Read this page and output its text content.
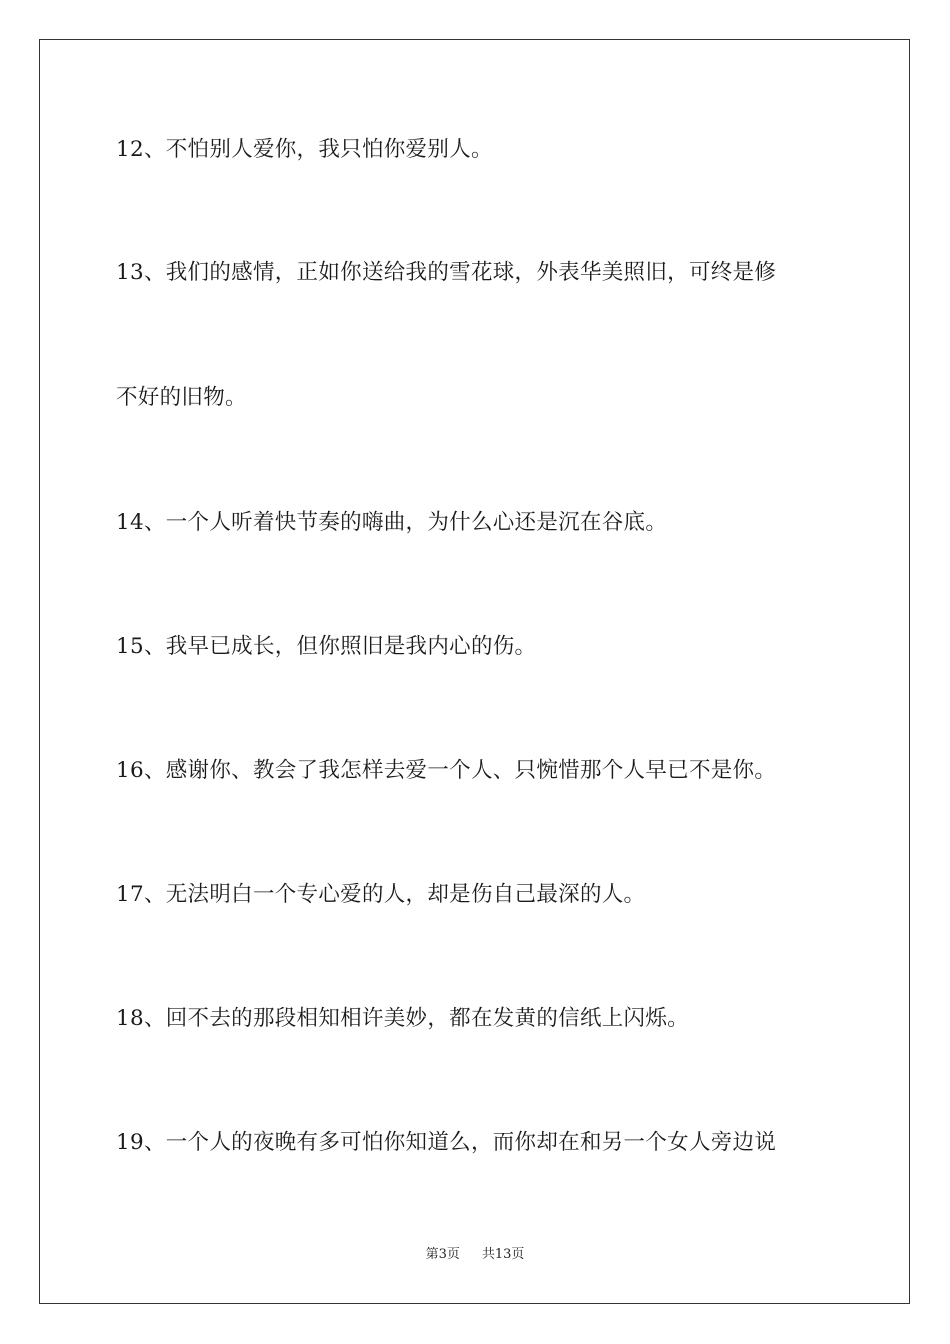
12、不怕别人爱你，我只怕你爱别人。
13、我们的感情，正如你送给我的雪花球，外表华美照旧，可终是修
不好的旧物。
14、一个人听着快节奏的嗨曲，为什么心还是沉在谷底。
15、我早已成长，但你照旧是我内心的伤。
16、感谢你、教会了我怎样去爱一个人、只惋惜那个人早已不是你。
17、无法明白一个专心爱的人，却是伤自己最深的人。
18、回不去的那段相知相许美妙，都在发黄的信纸上闪烁。
19、一个人的夜晚有多可怕你知道么，而你却在和另一个女人旁边说
第3页 共13页
